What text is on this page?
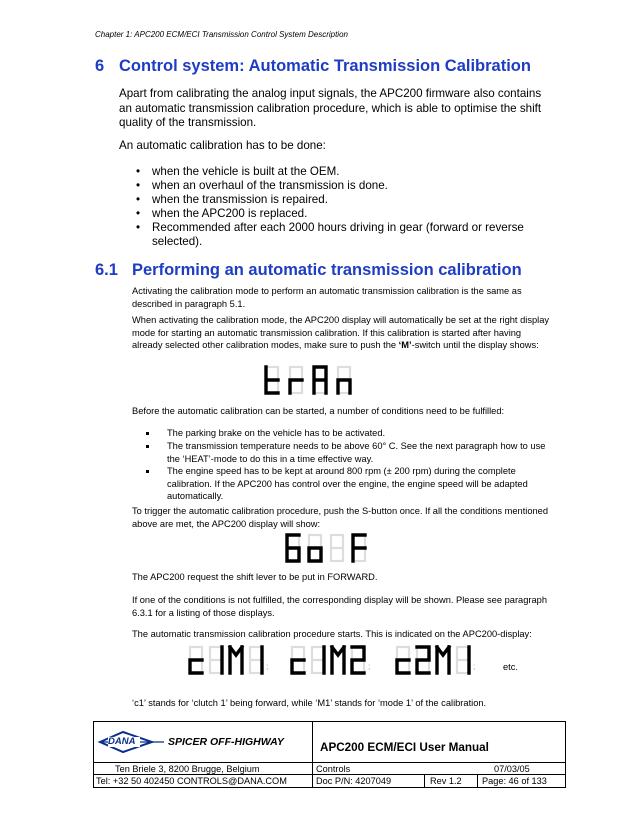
Chapter 1: APC200 ECM/ECI Transmission Control System Description
6 Control system: Automatic Transmission Calibration
Apart from calibrating the analog input signals, the APC200 firmware also contains an automatic transmission calibration procedure, which is able to optimise the shift quality of the transmission.
An automatic calibration has to be done:
• when the vehicle is built at the OEM.
• when an overhaul of the transmission is done.
• when the transmission is repaired.
• when the APC200 is replaced.
• Recommended after each 2000 hours driving in gear (forward or reverse selected).
6.1 Performing an automatic transmission calibration
Activating the calibration mode to perform an automatic transmission calibration is the same as described in paragraph 5.1.
When activating the calibration mode, the APC200 display will automatically be set at the right display mode for starting an automatic transmission calibration. If this calibration is started after having already selected other calibration modes, make sure to push the ‘M’-switch until the display shows:
Before the automatic calibration can be started, a number of conditions need to be fulfilled:
The parking brake on the vehicle has to be activated.
The transmission temperature needs to be above 60° C. See the next paragraph how to use the ‘HEAT’-mode to do this in a time effective way.
The engine speed has to be kept at around 800 rpm (± 200 rpm) during the complete calibration. If the APC200 has control over the engine, the engine speed will be adapted automatically.
To trigger the automatic calibration procedure, push the S-button once. If all the conditions mentioned above are met, the APC200 display will show:
The APC200 request the shift lever to be put in FORWARD.
If one of the conditions is not fulfilled, the corresponding display will be shown. Please see paragraph 6.3.1 for a listing of those displays.
The automatic transmission calibration procedure starts. This is indicated on the APC200-display:
;	;	;	etc.
‘c1’ stands for ‘clutch 1’ being forward, while ‘M1’ stands for ‘mode 1’ of the calibration.
DANA	SPICER OFF-HIGHWAY	APC200 ECM/ECI User Manual
Ten Briele 3, 8200 Brugge, Belgium	Controls	07/03/05
Tel: +32 50 402450 CONTROLS@DANA.COM	Doc P/N: 4207049	Rev 1.2 Page: 46 of 133
